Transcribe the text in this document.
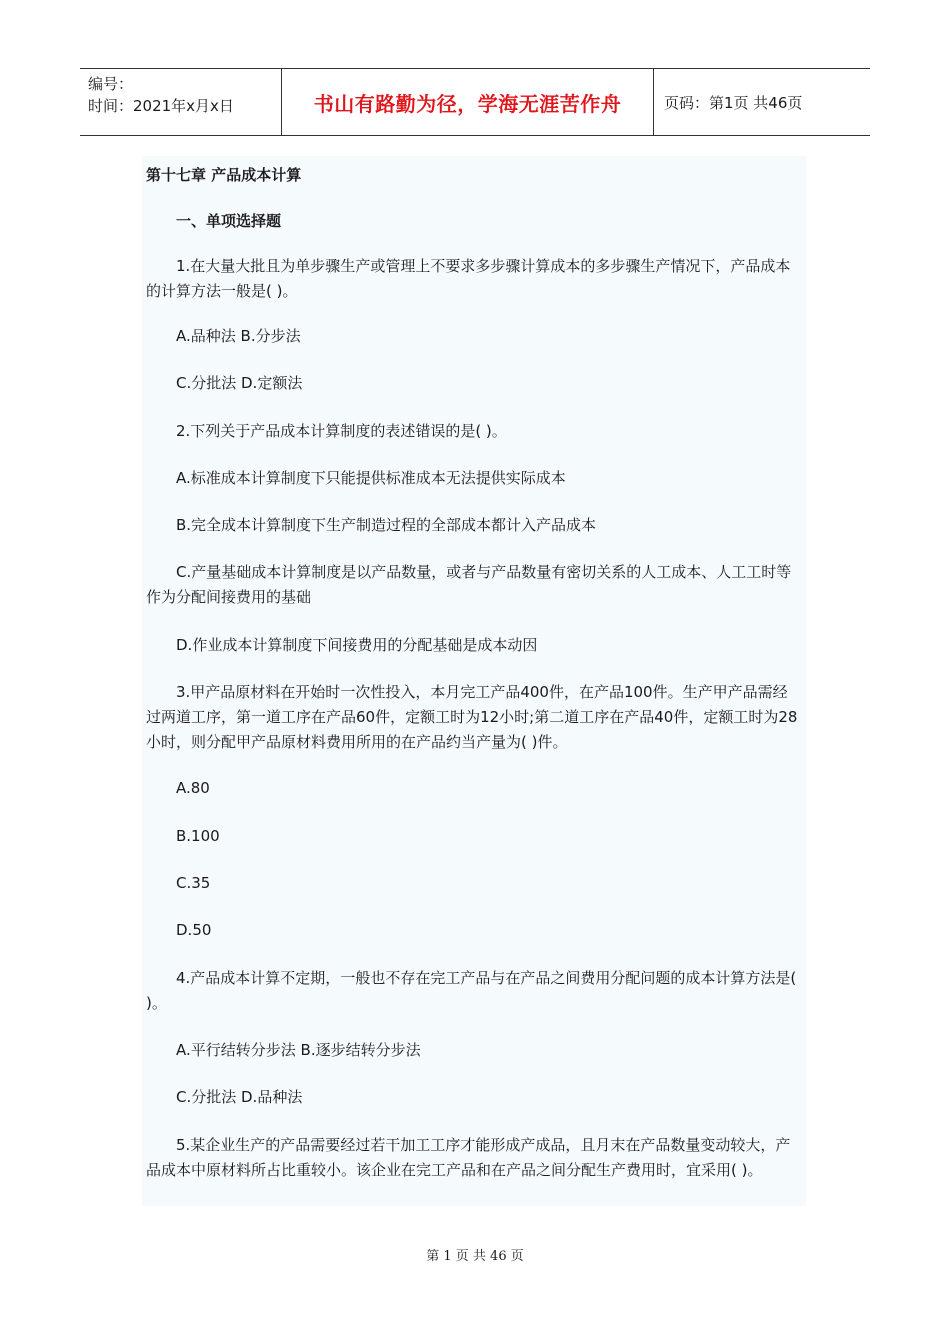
编号：
时间：2021年x月x日	书山有路勤为径，学海无涯苦作舟	页码：第1页 共46页
第十七章 产品成本计算
一、单项选择题

1.在大量大批且为单步骤生产或管理上不要求多步骤计算成本的多步骤生产情况下，产品成本的计算方法一般是( )。

A.品种法 B.分步法
C.分批法 D.定额法

2.下列关于产品成本计算制度的表述错误的是( )。

A.标准成本计算制度下只能提供标准成本无法提供实际成本
B.完全成本计算制度下生产制造过程的全部成本都计入产品成本

C.产量基础成本计算制度是以产品数量，或者与产品数量有密切关系的人工成本、人工工时等作为分配间接费用的基础

D.作业成本计算制度下间接费用的分配基础是成本动因

3.甲产品原材料在开始时一次性投入，本月完工产品400件，在产品100件。生产甲产品需经过两道工序，第一道工序在产品60件，定额工时为12小时;第二道工序在产品40件，定额工时为28小时，则分配甲产品原材料费用所用的在产品约当产量为( )件。

A.80
B.100
C.35
D.50

4.产品成本计算不定期，一般也不存在完工产品与在产品之间费用分配问题的成本计算方法是( )。

A.平行结转分步法 B.逐步结转分步法
C.分批法 D.品种法

5.某企业生产的产品需要经过若干加工工序才能形成产成品，且月末在产品数量变动较大，产品成本中原材料所占比重较小。该企业在完工产品和在产品之间分配生产费用时，宜采用( )。

第 1 页 共 46 页
